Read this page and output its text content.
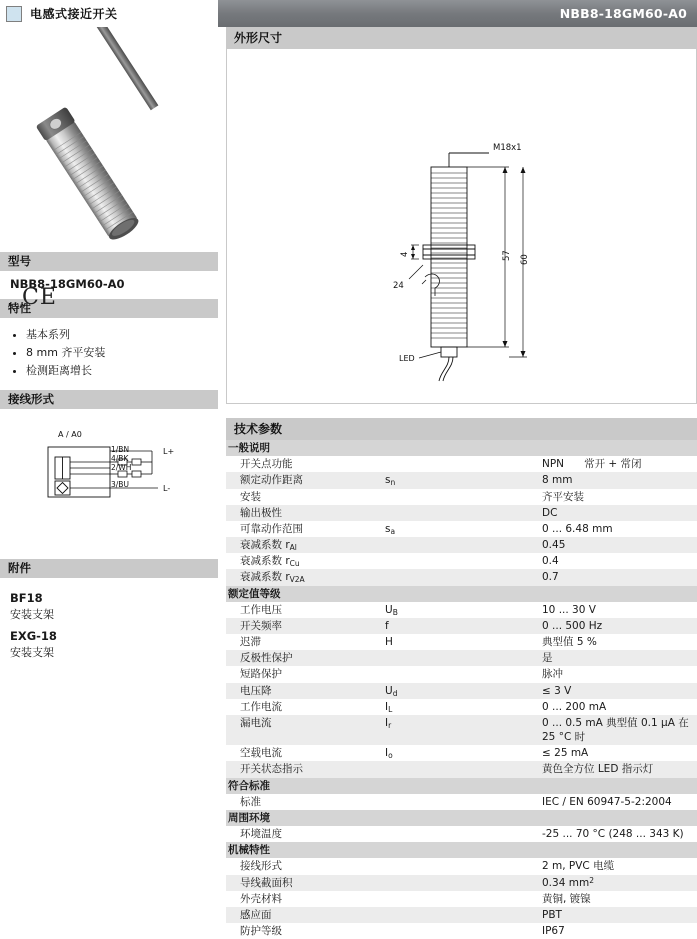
电感式接近开关	NBB8-18GM60-A0
CE
型号
NBB8-18GM60-A0
特性
• 基本系列
• 8 mm 齐平安装
• 检测距离增长
接线形式
A / A0
1/BN
4/BK
2/WH
3/BU
L+
L-
附件
BF18
安装支架
EXG-18
安装支架
外形尺寸
M18x1
57 60
4
24
LED
技术参数
一般说明		
开关点功能		NPN      常开 + 常闭
额定动作距离	$s_n$	8 mm
安装		齐平安装
输出极性		DC
可靠动作范围	$s_a$	0 ... 6.48 mm
衰减系数 $r_{Al}$		0.45
衰减系数 $r_{Cu}$		0.4
衰减系数 $r_{V2A}$		0.7
额定值等级		
工作电压	$U_B$	10 ... 30 V
开关频率	f	0 ... 500 Hz
迟滞	H	典型值 5 %
反极性保护		是
短路保护		脉冲
电压降	$U_d$	≤ 3 V
工作电流	$I_L$	0 ... 200 mA
漏电流	$I_r$	0 ... 0.5 mA 典型值 0.1 µA 在 25 °C 时
空载电流	$I_o$	≤ 25 mA
开关状态指示		黄色全方位 LED 指示灯
符合标准		
标准		IEC / EN 60947-5-2:2004
周围环境		
环境温度		-25 ... 70 °C (248 ... 343 K)
机械特性		
接线形式		2 m, PVC 电缆
导线截面积		0.34 $mm^2$
外壳材料		黄铜, 镀镍
感应面		PBT
防护等级		IP67
